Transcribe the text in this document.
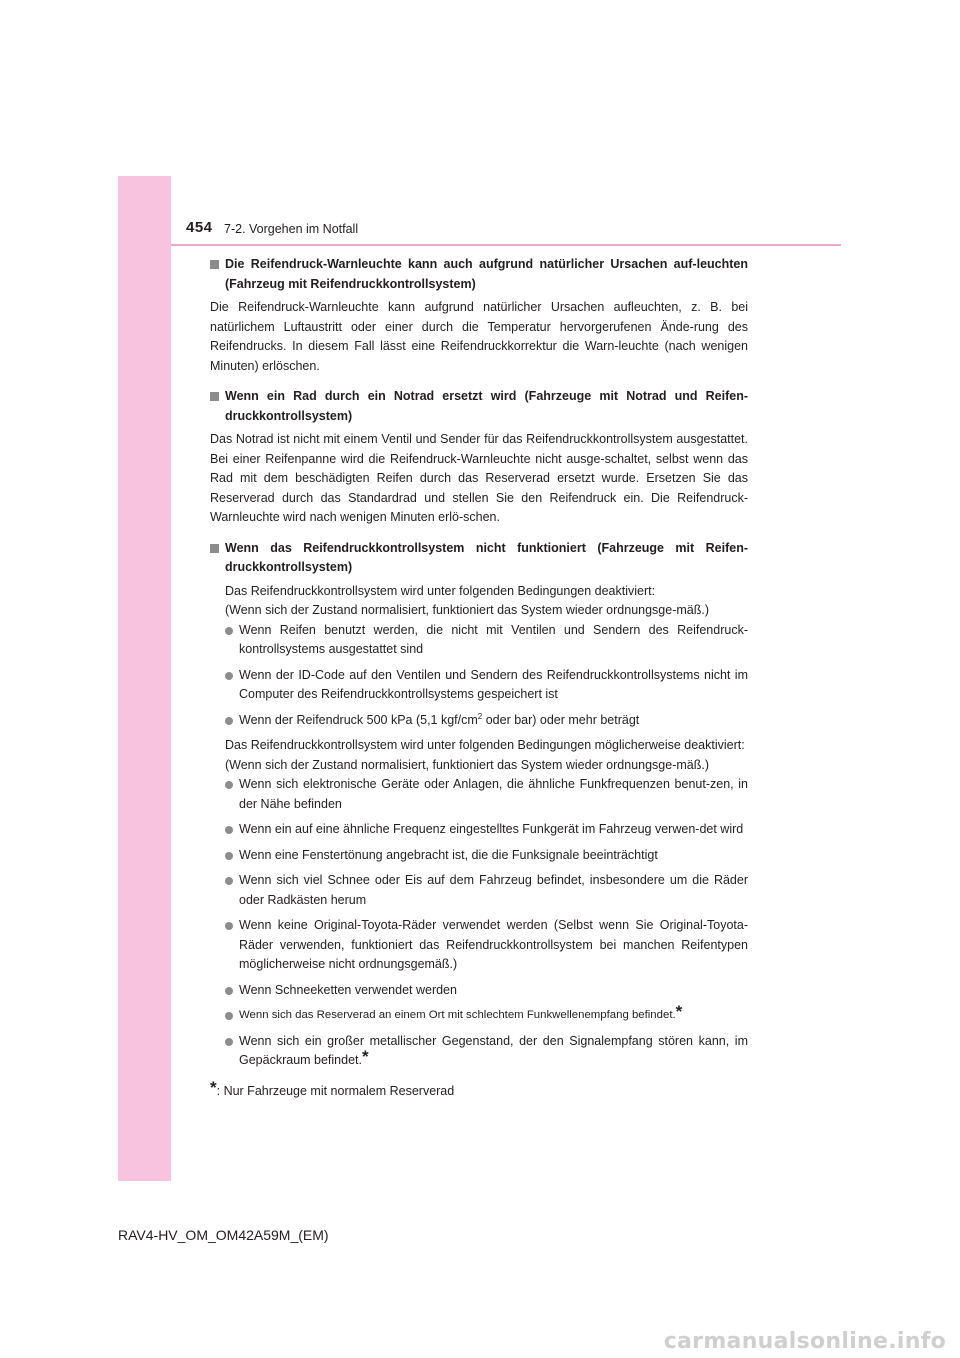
454 7-2. Vorgehen im Notfall
Die Reifendruck-Warnleuchte kann auch aufgrund natürlicher Ursachen auf-leuchten (Fahrzeug mit Reifendruckkontrollsystem)

Die Reifendruck-Warnleuchte kann aufgrund natürlicher Ursachen aufleuchten, z. B. bei natürlichem Luftaustritt oder einer durch die Temperatur hervorgerufenen Ände-rung des Reifendrucks. In diesem Fall lässt eine Reifendruckkorrektur die Warn-leuchte (nach wenigen Minuten) erlöschen.

Wenn ein Rad durch ein Notrad ersetzt wird (Fahrzeuge mit Notrad und Reifen-druckkontrollsystem)

Das Notrad ist nicht mit einem Ventil und Sender für das Reifendruckkontrollsystem ausgestattet. Bei einer Reifenpanne wird die Reifendruck-Warnleuchte nicht ausge-schaltet, selbst wenn das Rad mit dem beschädigten Reifen durch das Reserverad ersetzt wurde. Ersetzen Sie das Reserverad durch das Standardrad und stellen Sie den Reifendruck ein. Die Reifendruck-Warnleuchte wird nach wenigen Minuten erlö-schen.

Wenn das Reifendruckkontrollsystem nicht funktioniert (Fahrzeuge mit Reifen-druckkontrollsystem)

Das Reifendruckkontrollsystem wird unter folgenden Bedingungen deaktiviert:

(Wenn sich der Zustand normalisiert, funktioniert das System wieder ordnungsge-mäß.)

Wenn Reifen benutzt werden, die nicht mit Ventilen und Sendern des Reifendruck-kontrollsystems ausgestattet sind
Wenn der ID-Code auf den Ventilen und Sendern des Reifendruckkontrollsystems nicht im Computer des Reifendruckkontrollsystems gespeichert ist
Wenn der Reifendruck 500 kPa (5,1 kgf/$cm^2$ oder bar) oder mehr beträgt

Das Reifendruckkontrollsystem wird unter folgenden Bedingungen möglicherweise deaktiviert:

(Wenn sich der Zustand normalisiert, funktioniert das System wieder ordnungsge-mäß.)

Wenn sich elektronische Geräte oder Anlagen, die ähnliche Funkfrequenzen benut-zen, in der Nähe befinden
Wenn ein auf eine ähnliche Frequenz eingestelltes Funkgerät im Fahrzeug verwen-det wird
Wenn eine Fenstertönung angebracht ist, die die Funksignale beeinträchtigt
Wenn sich viel Schnee oder Eis auf dem Fahrzeug befindet, insbesondere um die Räder oder Radkästen herum
Wenn keine Original-Toyota-Räder verwendet werden (Selbst wenn Sie Original-Toyota-Räder verwenden, funktioniert das Reifendruckkontrollsystem bei manchen Reifentypen möglicherweise nicht ordnungsgemäß.)
Wenn Schneeketten verwendet werden
Wenn sich das Reserverad an einem Ort mit schlechtem Funkwellenempfang befindet.*
Wenn sich ein großer metallischer Gegenstand, der den Signalempfang stören kann, im Gepäckraum befindet.*

*: Nur Fahrzeuge mit normalem Reserverad

RAV4-HV_OM_OM42A59M_(EM)
carmanualsonline.info
